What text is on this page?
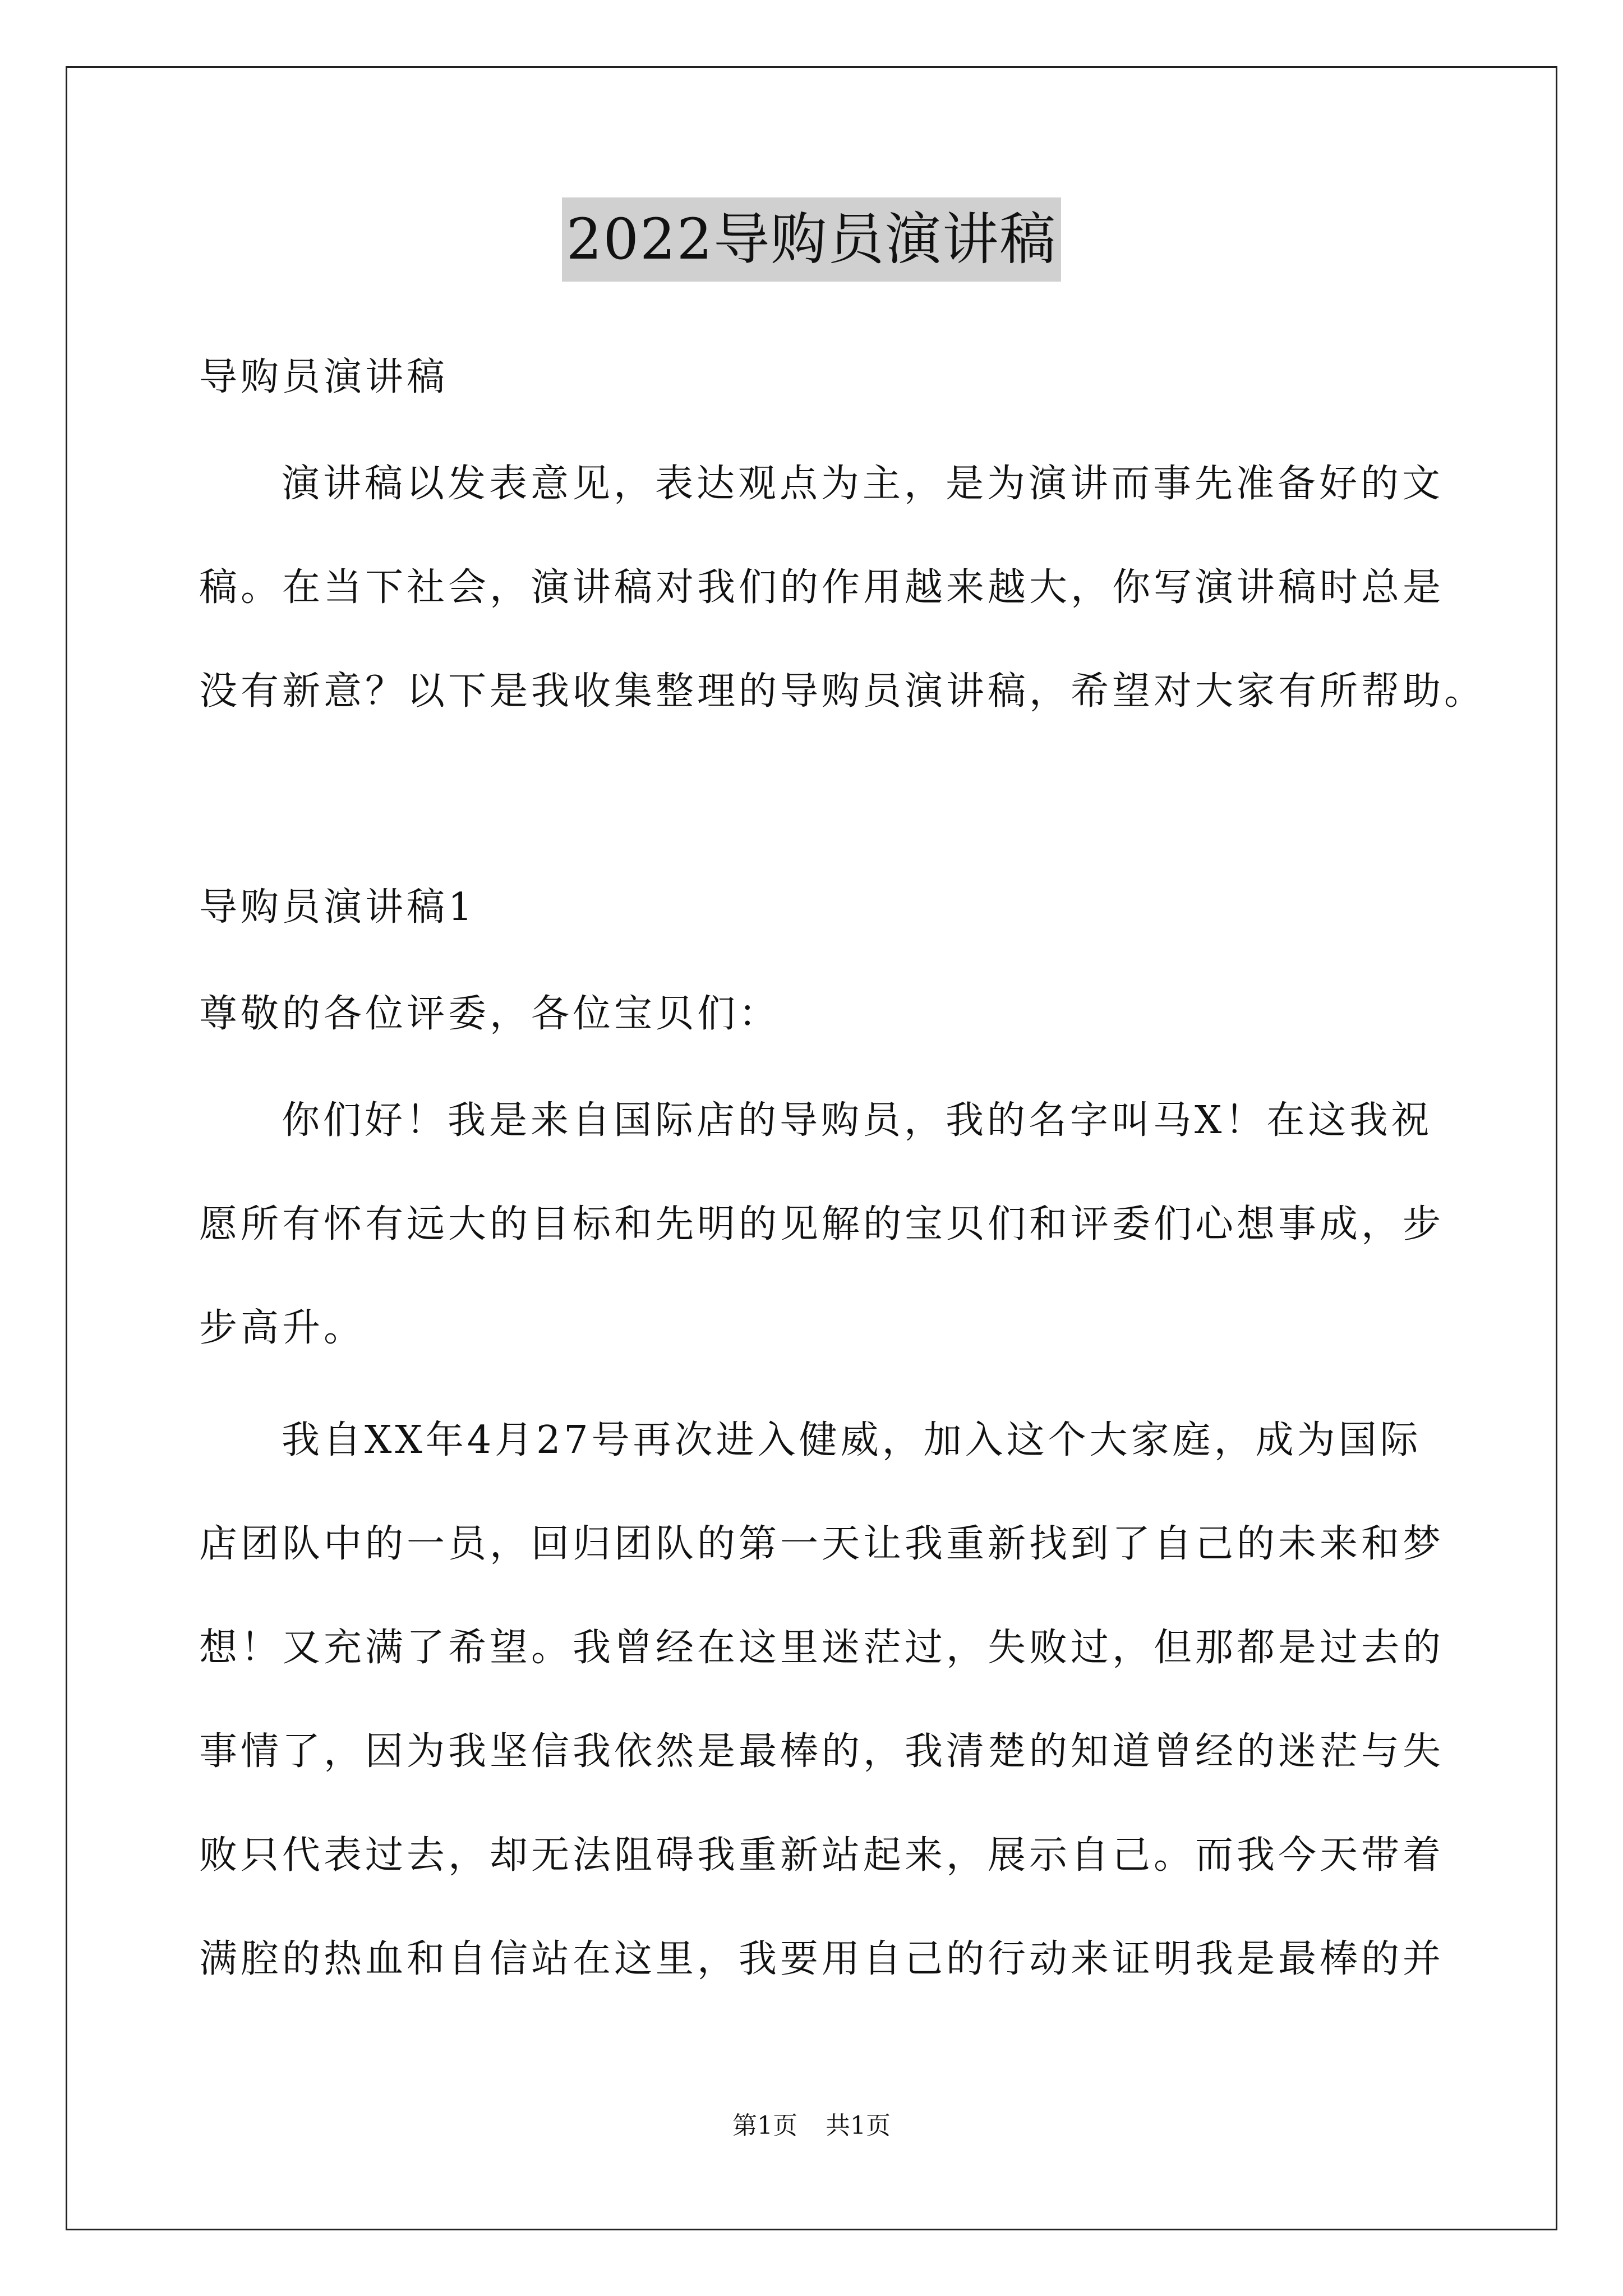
2022导购员演讲稿
导购员演讲稿
演讲稿以发表意见，表达观点为主，是为演讲而事先准备好的文
稿。在当下社会，演讲稿对我们的作用越来越大，你写演讲稿时总是
没有新意？以下是我收集整理的导购员演讲稿，希望对大家有所帮助。
导购员演讲稿1
尊敬的各位评委，各位宝贝们：
你们好！我是来自国际店的导购员，我的名字叫马X！在这我祝
愿所有怀有远大的目标和先明的见解的宝贝们和评委们心想事成，步
步高升。
我自XX年4月27号再次进入健威，加入这个大家庭，成为国际
店团队中的一员，回归团队的第一天让我重新找到了自己的未来和梦
想！又充满了希望。我曾经在这里迷茫过，失败过，但那都是过去的
事情了，因为我坚信我依然是最棒的，我清楚的知道曾经的迷茫与失
败只代表过去，却无法阻碍我重新站起来，展示自己。而我今天带着
满腔的热血和自信站在这里，我要用自己的行动来证明我是最棒的并
第1页 共1页
